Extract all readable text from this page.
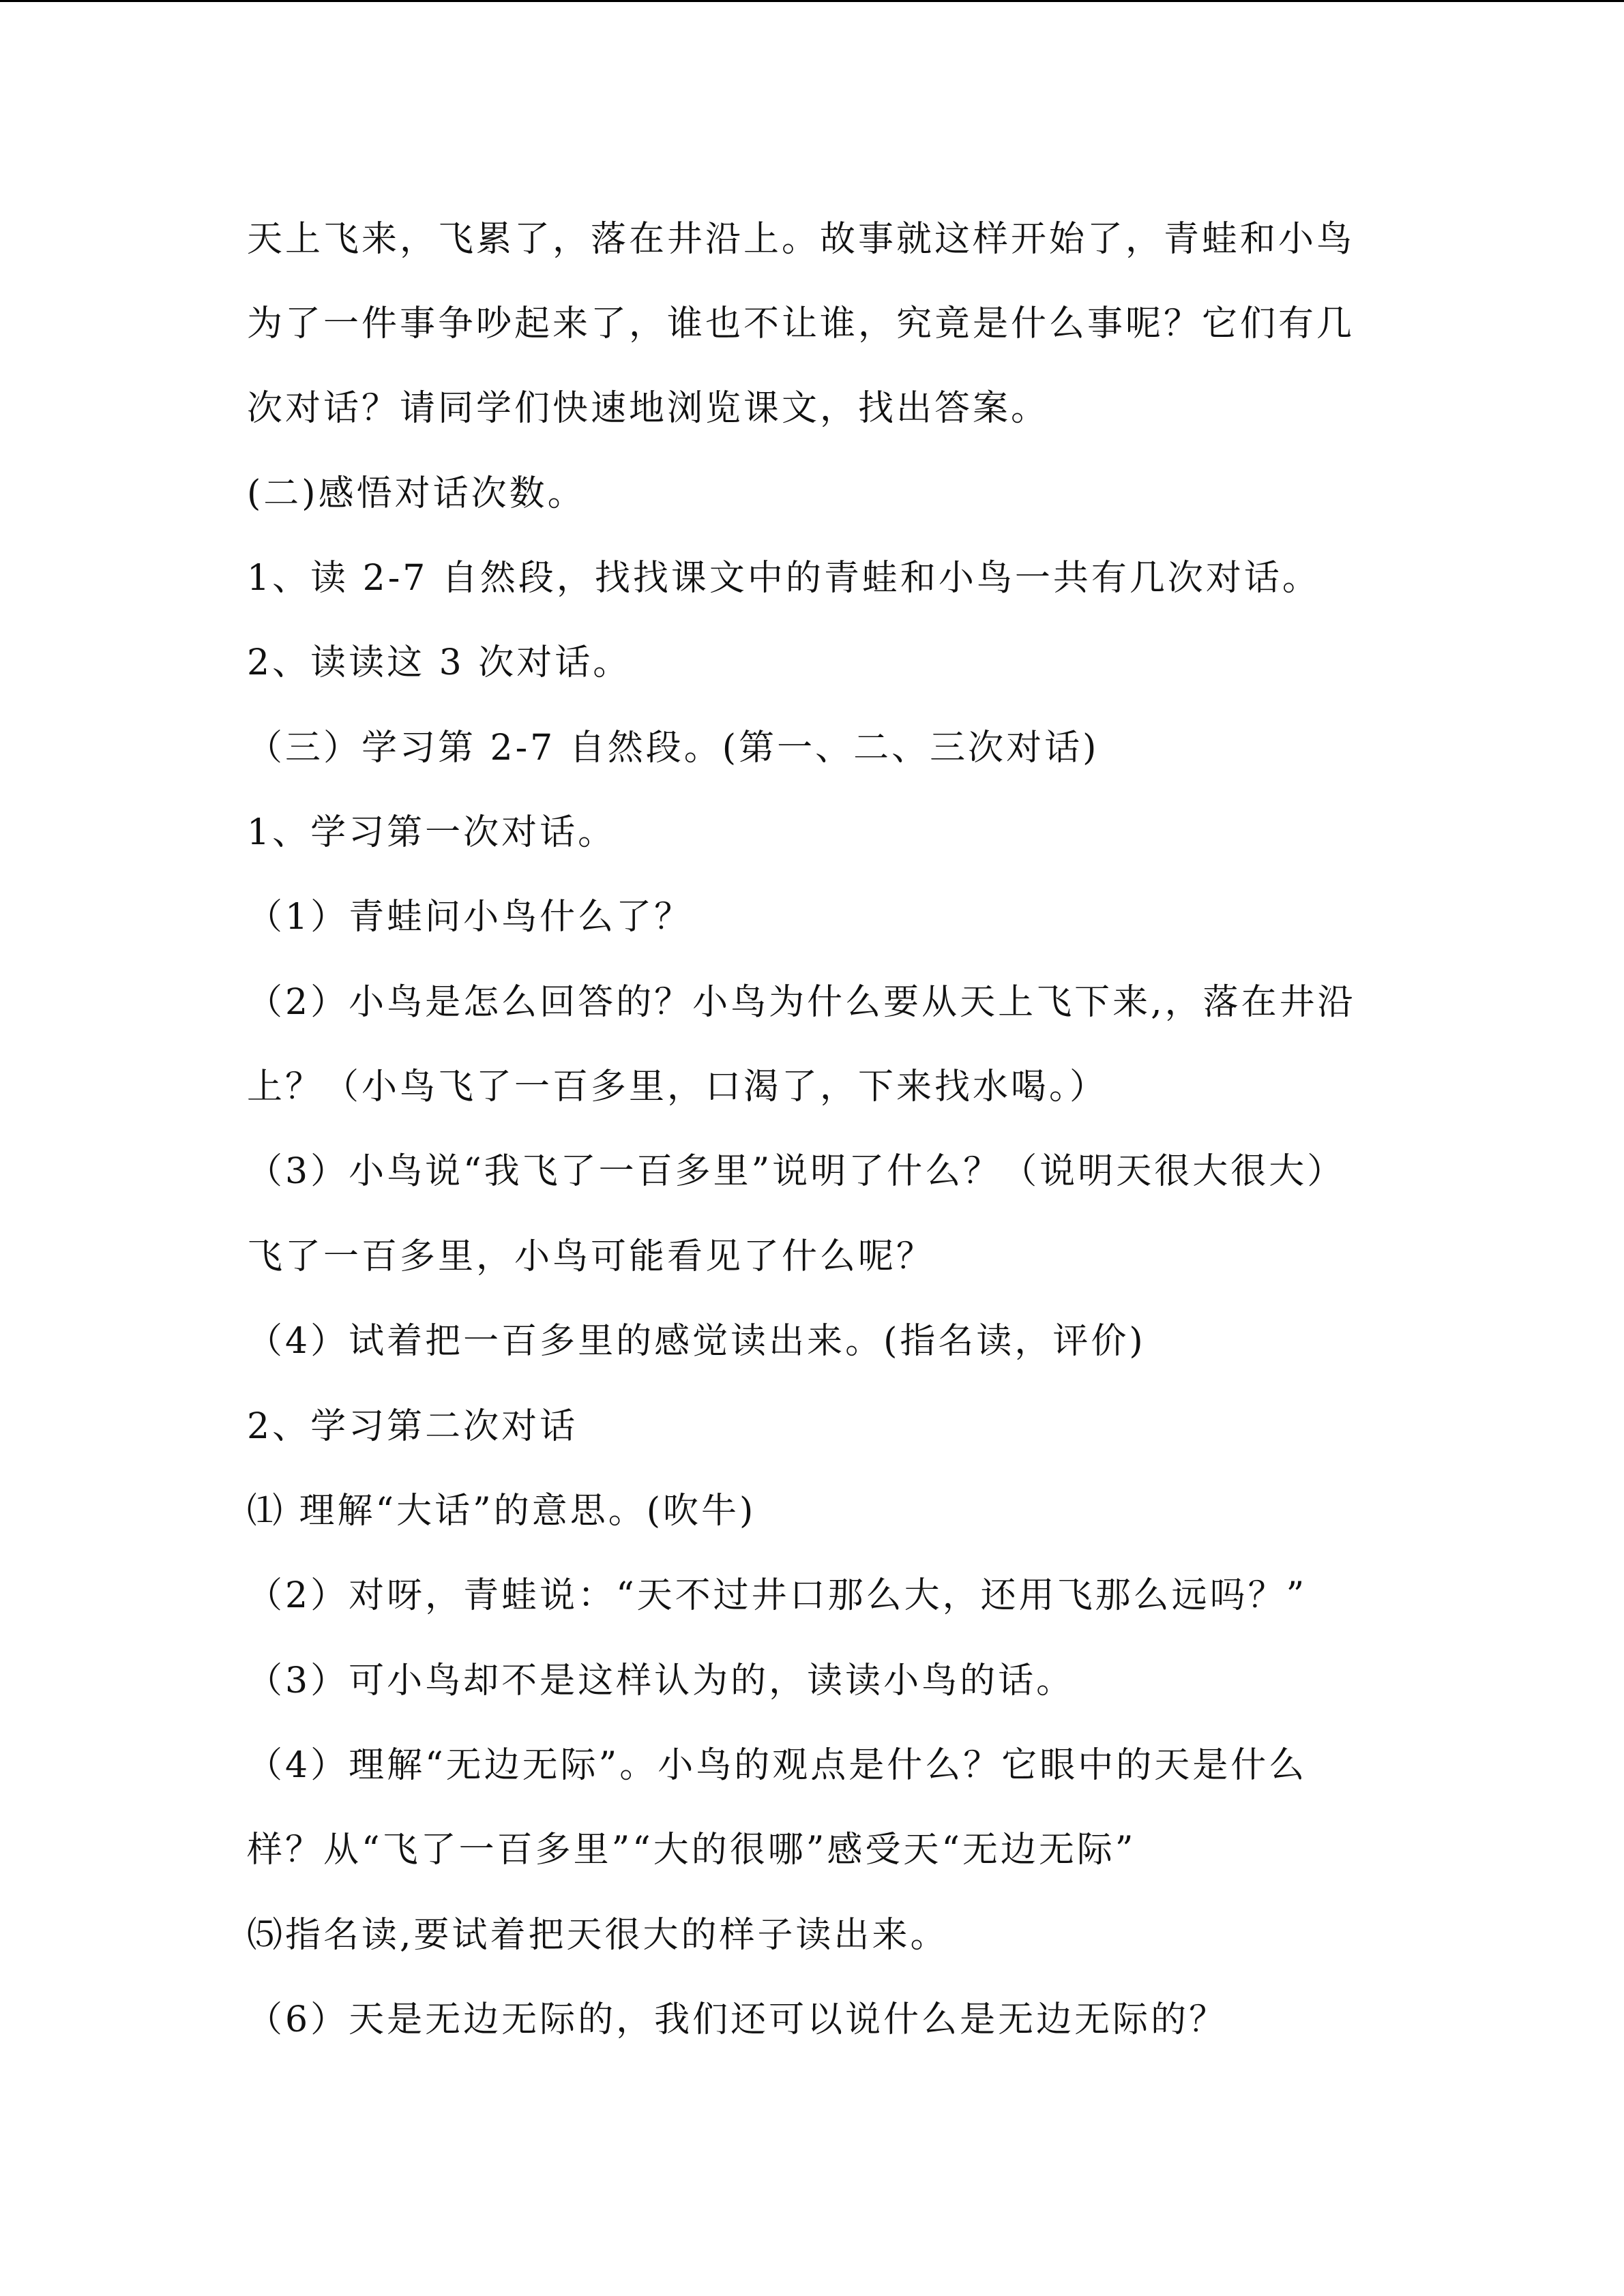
天上飞来，飞累了，落在井沿上。故事就这样开始了，青蛙和小鸟
为了一件事争吵起来了，谁也不让谁，究竟是什么事呢？它们有几
次对话？请同学们快速地浏览课文，找出答案。
(二)感悟对话次数。
1、读 2-7 自然段，找找课文中的青蛙和小鸟一共有几次对话。
2、读读这 3 次对话。
（三）学习第 2-7 自然段。(第一、二、三次对话)
1、学习第一次对话。
（1）青蛙问小鸟什么了？
（2）小鸟是怎么回答的？小鸟为什么要从天上飞下来,，落在井沿
上？（小鸟飞了一百多里，口渴了，下来找水喝。）
（3）小鸟说“我飞了一百多里”说明了什么？（说明天很大很大）
飞了一百多里，小鸟可能看见了什么呢？
（4）试着把一百多里的感觉读出来。(指名读，评价)
2、学习第二次对话
⑴ 理解“大话”的意思。(吹牛)
（2）对呀，青蛙说：“天不过井口那么大，还用飞那么远吗？”
（3）可小鸟却不是这样认为的，读读小鸟的话。
（4）理解“无边无际”。小鸟的观点是什么？它眼中的天是什么
样？从“飞了一百多里”“大的很哪”感受天“无边无际”
⑸指名读,要试着把天很大的样子读出来。
（6）天是无边无际的，我们还可以说什么是无边无际的？
